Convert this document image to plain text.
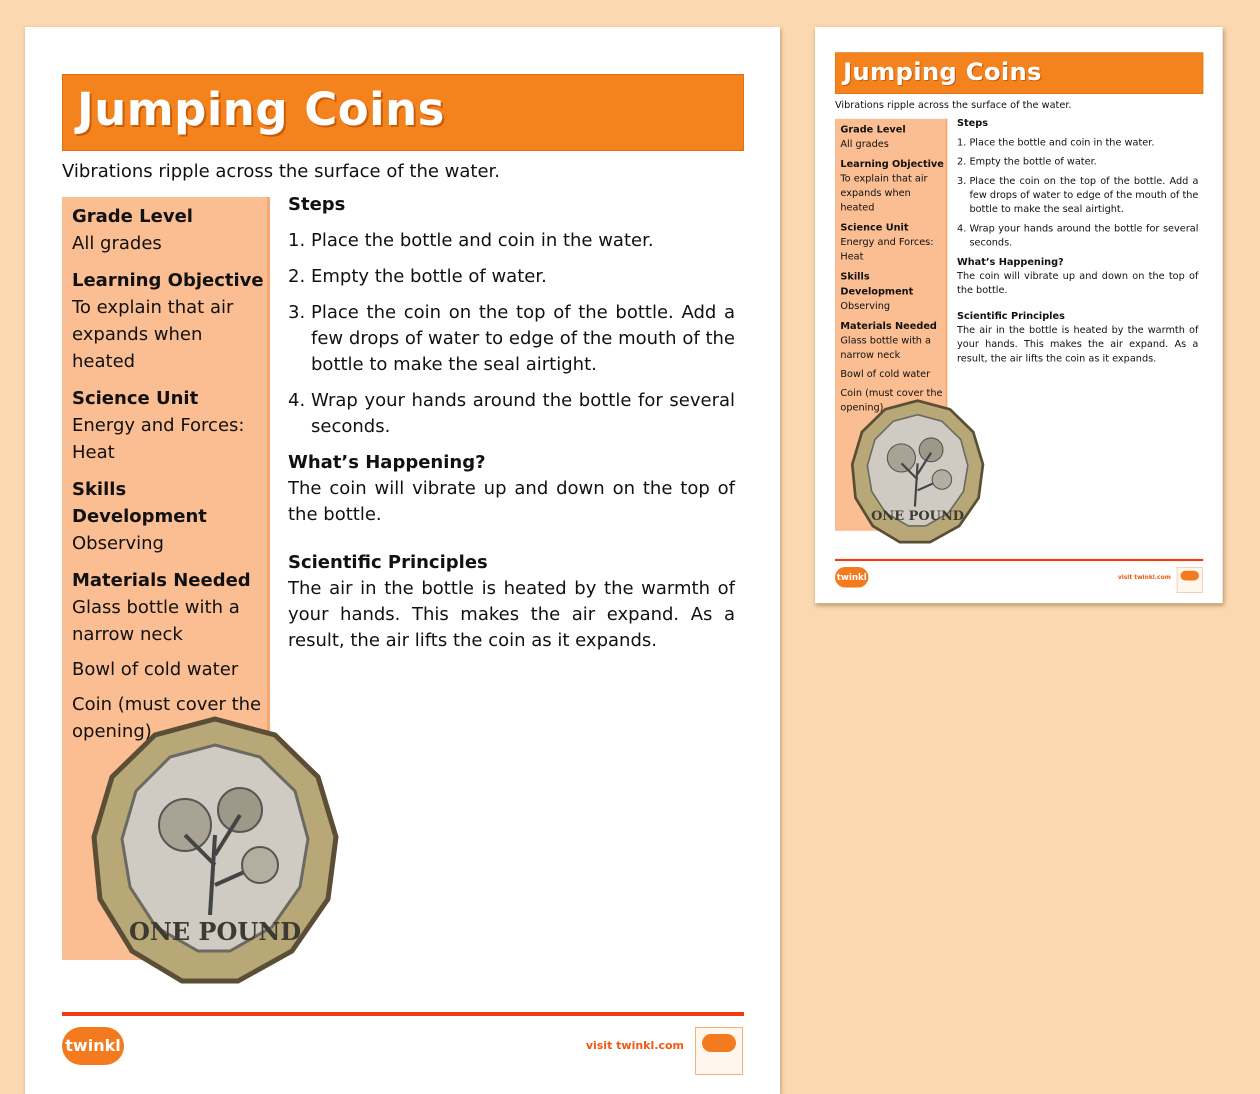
Jumping Coins
Vibrations ripple across the surface of the water.
Grade Level
All grades
Learning Objective
To explain that air expands when heated
Science Unit
Energy and Forces: Heat
Skills Development
Observing
Materials Needed
Glass bottle with a narrow neck
Bowl of cold water
Coin (must cover the opening)
Steps
1. Place the bottle and coin in the water.
2. Empty the bottle of water.
3. Place the coin on the top of the bottle. Add a few drops of water to edge of the mouth of the bottle to make the seal airtight.
4. Wrap your hands around the bottle for several seconds.
What’s Happening?
The coin will vibrate up and down on the top of the bottle.
Scientific Principles
The air in the bottle is heated by the warmth of your hands. This makes the air expand. As a result, the air lifts the coin as it expands.
ONE POUND
twinkl	visit twinkl.com
Jumping Coins
Vibrations ripple across the surface of the water.
Grade Level
All grades
Learning Objective
To explain that air expands when heated
Science Unit
Energy and Forces: Heat
Skills Development
Observing
Materials Needed
Glass bottle with a narrow neck
Bowl of cold water
Coin (must cover the opening)
Steps
1. Place the bottle and coin in the water.
2. Empty the bottle of water.
3. Place the coin on the top of the bottle. Add a few drops of water to edge of the mouth of the bottle to make the seal airtight.
4. Wrap your hands around the bottle for several seconds.
What’s Happening?
The coin will vibrate up and down on the top of the bottle.
Scientific Principles
The air in the bottle is heated by the warmth of your hands. This makes the air expand. As a result, the air lifts the coin as it expands.
ONE POUND
twinkl	visit twinkl.com
